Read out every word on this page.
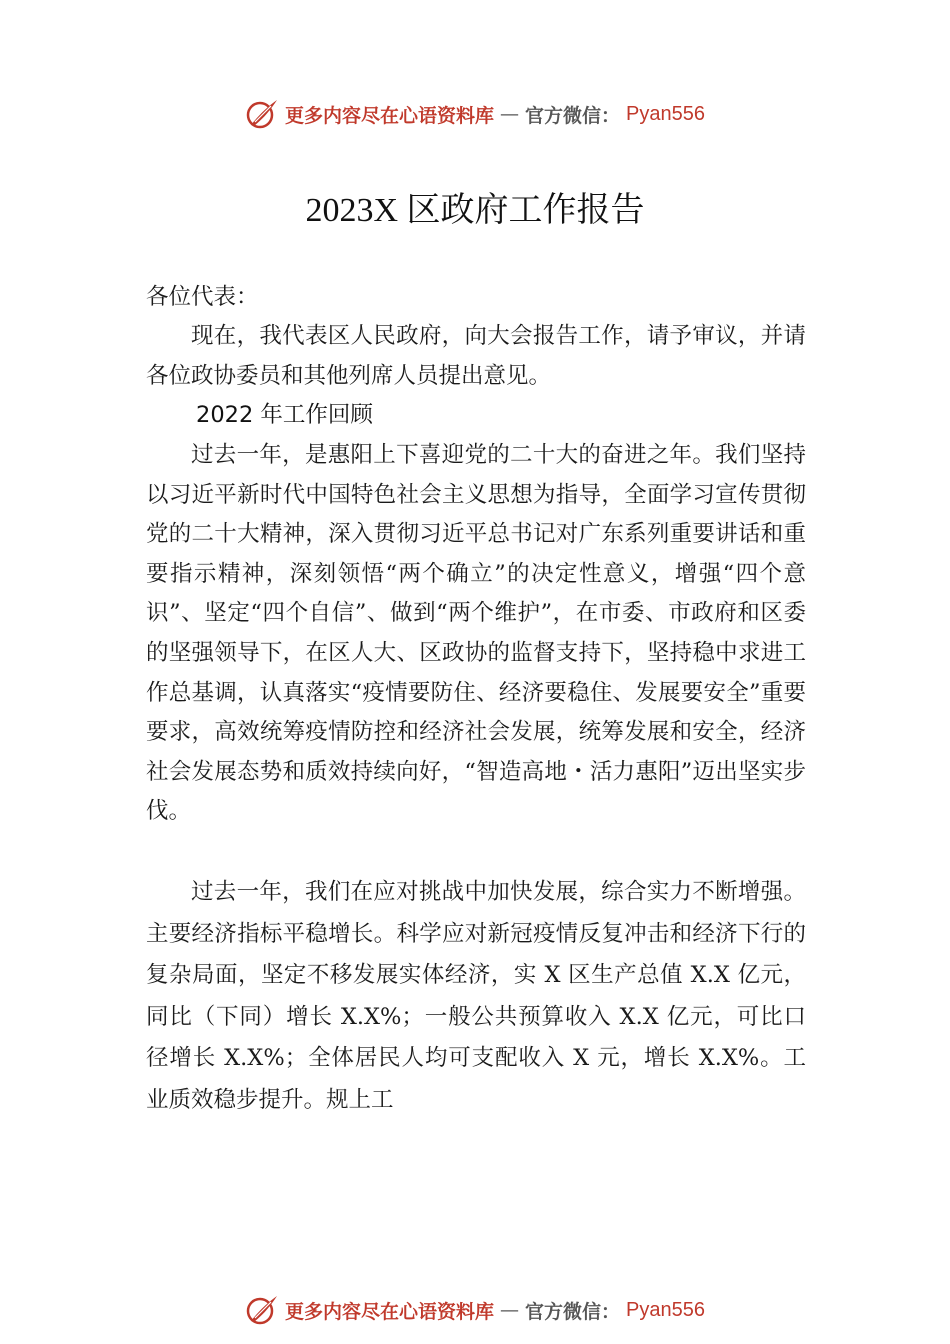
更多内容尽在心语资料库 — 官方微信： Pyan556
2023X 区政府工作报告
各位代表：
现在，我代表区人民政府，向大会报告工作，请予审议，并请各位政协委员和其他列席人员提出意见。
2022 年工作回顾
过去一年，是惠阳上下喜迎党的二十大的奋进之年。我们坚持以习近平新时代中国特色社会主义思想为指导，全面学习宣传贯彻党的二十大精神，深入贯彻习近平总书记对广东系列重要讲话和重要指示精神，深刻领悟“两个确立”的决定性意义，增强“四个意识”、坚定“四个自信”、做到“两个维护”，在市委、市政府和区委的坚强领导下，在区人大、区政协的监督支持下，坚持稳中求进工作总基调，认真落实“疫情要防住、经济要稳住、发展要安全”重要要求，高效统筹疫情防控和经济社会发展，统筹发展和安全，经济社会发展态势和质效持续向好，“智造高地・活力惠阳”迈出坚实步伐。
过去一年，我们在应对挑战中加快发展，综合实力不断增强。主要经济指标平稳增长。科学应对新冠疫情反复冲击和经济下行的复杂局面，坚定不移发展实体经济，实 X 区生产总值 X.X 亿元，同比（下同）增长 X.X%；一般公共预算收入 X.X 亿元，可比口径增长 X.X%；全体居民人均可支配收入 X 元，增长 X.X%。工业质效稳步提升。规上工
更多内容尽在心语资料库 — 官方微信： Pyan556
